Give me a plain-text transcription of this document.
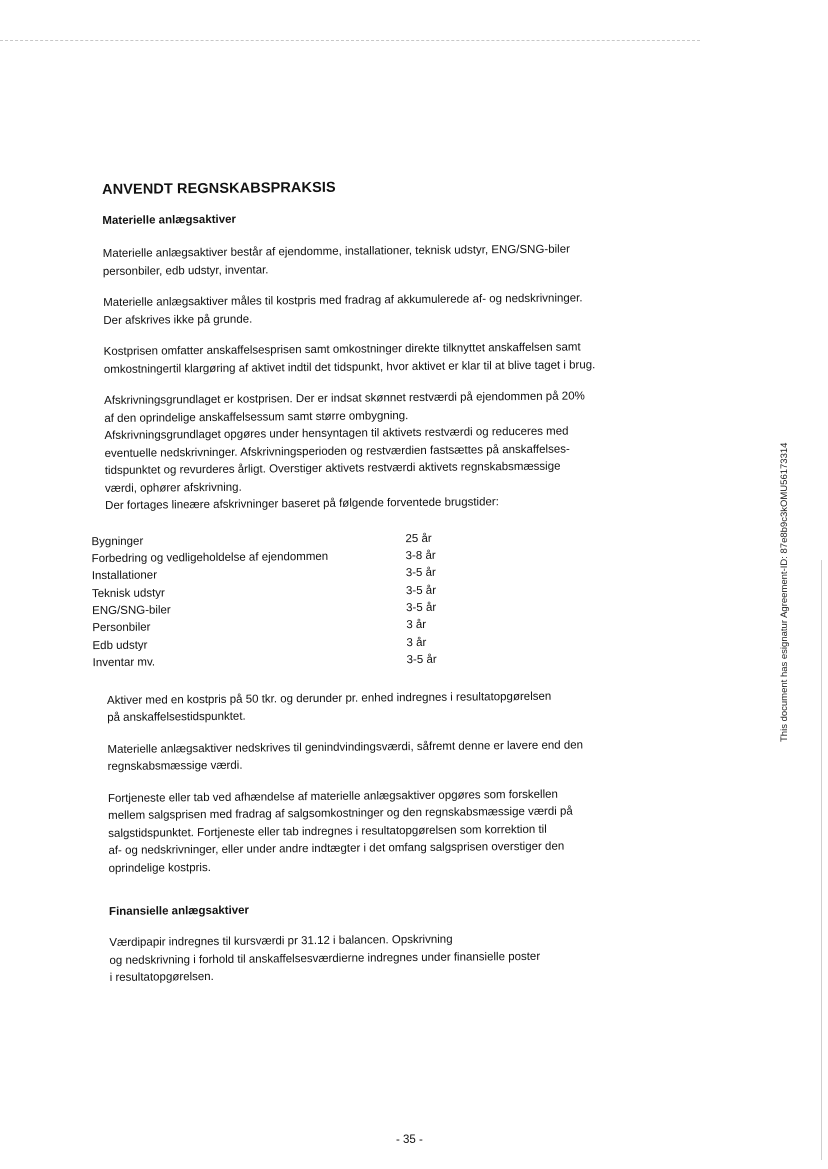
ANVENDT REGNSKABSPRAKSIS
Materielle anlægsaktiver

Materielle anlægsaktiver består af ejendomme, installationer, teknisk udstyr, ENG/SNG-biler
personbiler, edb udstyr, inventar.

Materielle anlægsaktiver måles til kostpris med fradrag af akkumulerede af- og nedskrivninger.
Der afskrives ikke på grunde.

Kostprisen omfatter anskaffelsesprisen samt omkostninger direkte tilknyttet anskaffelsen samt
omkostningertil klargøring af aktivet indtil det tidspunkt, hvor aktivet er klar til at blive taget i brug.

Afskrivningsgrundlaget er kostprisen. Der er indsat skønnet restværdi på ejendommen på 20%
af den oprindelige anskaffelsessum samt større ombygning.
Afskrivningsgrundlaget opgøres under hensyntagen til aktivets restværdi og reduceres med
eventuelle nedskrivninger. Afskrivningsperioden og restværdien fastsættes på anskaffelses-
tidspunktet og revurderes årligt. Overstiger aktivets restværdi aktivets regnskabsmæssige
værdi, ophører afskrivning.
Der fortages lineære afskrivninger baseret på følgende forventede brugstider:

Bygninger	25 år
Forbedring og vedligeholdelse af ejendommen	3-8 år
Installationer	3-5 år
Teknisk udstyr	3-5 år
ENG/SNG-biler	3-5 år
Personbiler	3 år
Edb udstyr	3 år
Inventar mv.	3-5 år

Aktiver med en kostpris på 50 tkr. og derunder pr. enhed indregnes i resultatopgørelsen
på anskaffelsestidspunktet.

Materielle anlægsaktiver nedskrives til genindvindingsværdi, såfremt denne er lavere end den
regnskabsmæssige værdi.

Fortjeneste eller tab ved afhændelse af materielle anlægsaktiver opgøres som forskellen
mellem salgsprisen med fradrag af salgsomkostninger og den regnskabsmæssige værdi på
salgstidspunktet. Fortjeneste eller tab indregnes i resultatopgørelsen som korrektion til
af- og nedskrivninger, eller under andre indtægter i det omfang salgsprisen overstiger den
oprindelige kostpris.

Finansielle anlægsaktiver

Værdipapir indregnes til kursværdi pr 31.12 i balancen. Opskrivning
og nedskrivning i forhold til anskaffelsesværdierne indregnes under finansielle poster
i resultatopgørelsen.

This document has esignatur Agreement-ID: 87e8b9c3kOMU56173314
- 35 -
